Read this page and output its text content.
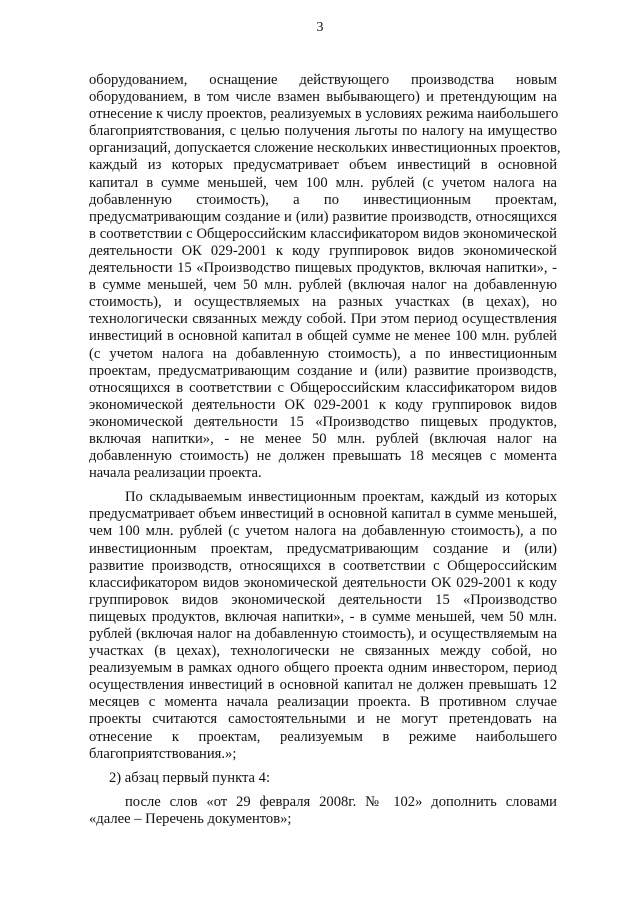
3
оборудованием, оснащение действующего производства новым
оборудованием, в том числе взамен выбывающего) и претендующим на
отнесение к числу проектов, реализуемых в условиях режима наибольшего
благоприятствования, с целью получения льготы по налогу на имущество
организаций, допускается сложение нескольких инвестиционных проектов,
каждый из которых предусматривает объем инвестиций в основной
капитал в сумме меньшей, чем 100 млн. рублей (с учетом налога на
добавленную стоимость), а по инвестиционным проектам,
предусматривающим создание и (или) развитие производств, относящихся
в соответствии с Общероссийским классификатором видов экономической
деятельности ОК 029-2001 к коду группировок видов экономической
деятельности 15 «Производство пищевых продуктов, включая напитки», -
в сумме меньшей, чем 50 млн. рублей (включая налог на добавленную
стоимость), и осуществляемых на разных участках (в цехах), но
технологически связанных между собой. При этом период осуществления
инвестиций в основной капитал в общей сумме не менее 100 млн. рублей
(с учетом налога на добавленную стоимость), а по инвестиционным
проектам, предусматривающим создание и (или) развитие производств,
относящихся в соответствии с Общероссийским классификатором видов
экономической деятельности ОК 029-2001 к коду группировок видов
экономической деятельности 15 «Производство пищевых продуктов,
включая напитки», - не менее 50 млн. рублей (включая налог на
добавленную стоимость) не должен превышать 18 месяцев с момента
начала реализации проекта.
По складываемым инвестиционным проектам, каждый из которых
предусматривает объем инвестиций в основной капитал в сумме меньшей,
чем 100 млн. рублей (с учетом налога на добавленную стоимость), а по
инвестиционным проектам, предусматривающим создание и (или)
развитие производств, относящихся в соответствии с Общероссийским
классификатором видов экономической деятельности ОК 029-2001 к коду
группировок видов экономической деятельности 15 «Производство
пищевых продуктов, включая напитки», - в сумме меньшей, чем 50 млн.
рублей (включая налог на добавленную стоимость), и осуществляемым на
участках (в цехах), технологически не связанных между собой, но
реализуемым в рамках одного общего проекта одним инвестором, период
осуществления инвестиций в основной капитал не должен превышать 12
месяцев с момента начала реализации проекта. В противном случае
проекты считаются самостоятельными и не могут претендовать на
отнесение к проектам, реализуемым в режиме наибольшего
благоприятствования.»;
2) абзац первый пункта 4:
после слов «от 29 февраля 2008г. № 102» дополнить словами
«далее – Перечень документов»;
